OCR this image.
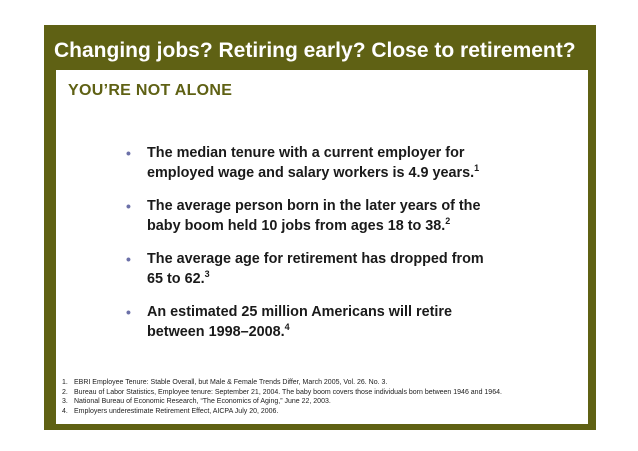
Changing jobs? Retiring early? Close to retirement?
YOU’RE NOT ALONE
• The median tenure with a current employer for
employed wage and salary workers is 4.9 years.$^1$
• The average person born in the later years of the
baby boom held 10 jobs from ages 18 to 38.$^2$
• The average age for retirement has dropped from
65 to 62.$^3$
• An estimated 25 million Americans will retire
between 1998–2008.$^4$
1. EBRI Employee Tenure: Stable Overall, but Male & Female Trends Differ, March 2005, Vol. 26. No. 3.
2. Bureau of Labor Statistics, Employee tenure: September 21, 2004. The baby boom covers those individuals born between 1946 and 1964.
3. National Bureau of Economic Research, “The Economics of Aging,” June 22, 2003.
4. Employers underestimate Retirement Effect, AICPA July 20, 2006.
